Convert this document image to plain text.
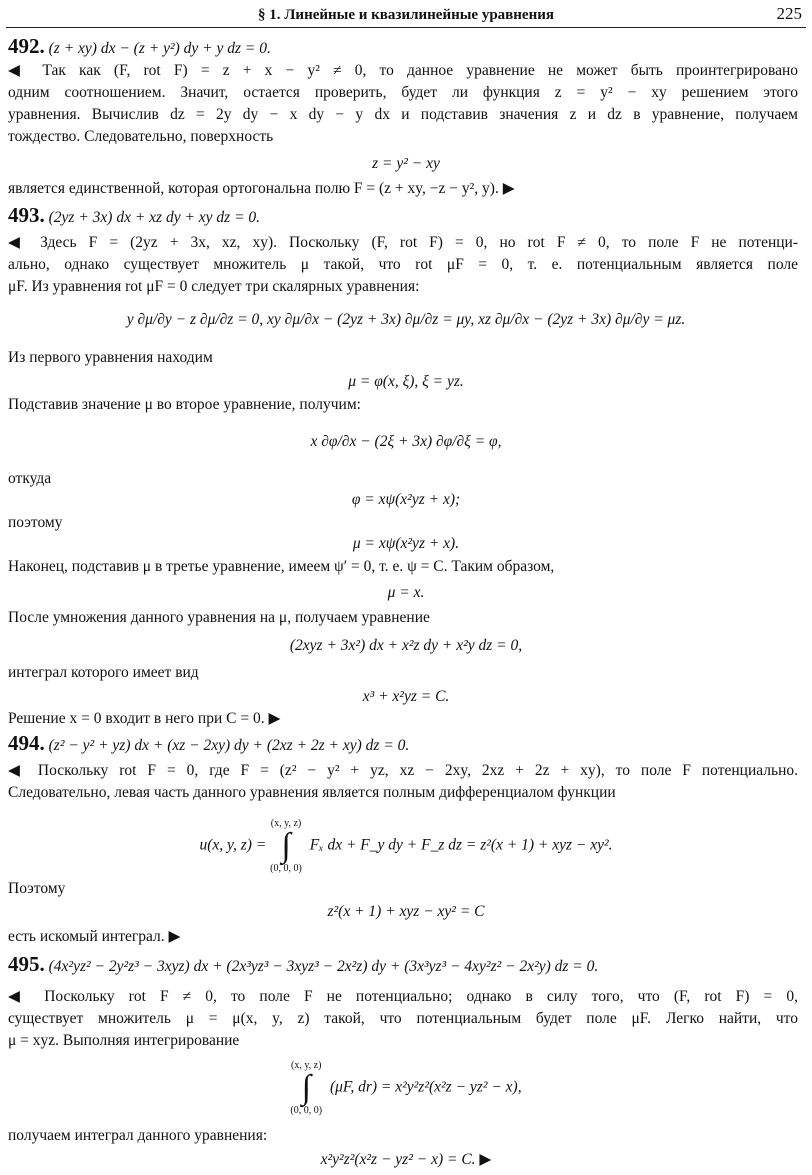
§ 1. Линейные и квазилинейные уравнения	225
492. (z + xy) dx − (z + y²) dy + y dz = 0.
◀ Так как (F, rot F) = z + x − y² ≠ 0, то данное уравнение не может быть проинтегрировано
одним соотношением. Значит, остается проверить, будет ли функция z = y² − xy решением этого
уравнения. Вычислив dz = 2y dy − x dy − y dx и подставив значения z и dz в уравнение, получаем
тождество. Следовательно, поверхность
z = y² − xy
является единственной, которая ортогональна полю F = (z + xy, −z − y², y). ▶
493. (2yz + 3x) dx + xz dy + xy dz = 0.
◀ Здесь F = (2yz + 3x, xz, xy). Поскольку (F, rot F) = 0, но rot F ≠ 0, то поле F не потенци-
ально, однако существует множитель μ такой, что rot μF = 0, т. е. потенциальным является поле
μF. Из уравнения rot μF = 0 следует три скалярных уравнения:
Из первого уравнения находим
μ = φ(x, ξ), ξ = yz.
Подставив значение μ во второе уравнение, получим:
откуда
φ = xψ(x²yz + x);
поэтому
μ = xψ(x²yz + x).
Наконец, подставив μ в третье уравнение, имеем ψ′ = 0, т. е. ψ = C. Таким образом,
μ = x.
После умножения данного уравнения на μ, получаем уравнение
(2xyz + 3x²) dx + x²z dy + x²y dz = 0,
интеграл которого имеет вид
x³ + x²yz = C.
Решение x = 0 входит в него при C = 0. ▶
494. (z² − y² + yz) dx + (xz − 2xy) dy + (2xz + 2z + xy) dz = 0.
◀ Поскольку rot F = 0, где F = (z² − y² + yz, xz − 2xy, 2xz + 2z + xy), то поле F потенциально.
Следовательно, левая часть данного уравнения является полным дифференциалом функции
Поэтому
z²(x + 1) + xyz − xy² = C
есть искомый интеграл. ▶
495. (4x²yz² − 2y²z³ − 3xyz) dx + (2x³yz³ − 3xyz³ − 2x²z) dy + (3x³yz³ − 4xy²z² − 2x²y) dz = 0.
◀ Поскольку rot F ≠ 0, то поле F не потенциально; однако в силу того, что (F, rot F) = 0,
существует множитель μ = μ(x, y, z) такой, что потенциальным будет поле μF. Легко найти, что
μ = xyz. Выполняя интегрирование
получаем интеграл данного уравнения:
x²y²z²(x²z − yz² − x) = C. ▶
y ∂μ/∂y − z ∂μ/∂z = 0, xy ∂μ/∂x − (2yz + 3x) ∂μ/∂z = μy, xz ∂μ/∂x − (2yz + 3x) ∂μ/∂y = μz.
x ∂φ/∂x − (2ξ + 3x) ∂φ/∂ξ = φ,
u(x, y, z) = (x, y, z)
∫
(0, 0, 0) Fₓ dx + F_y dy + F_z dz = z²(x + 1) + xyz − xy².
(x, y, z)
∫
(0, 0, 0) (μF, dr) = x²y²z²(x²z − yz² − x),
